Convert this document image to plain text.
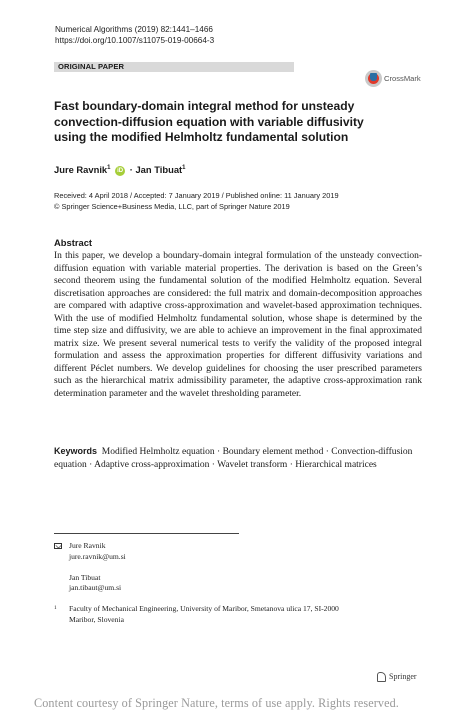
Numerical Algorithms (2019) 82:1441–1466
https://doi.org/10.1007/s11075-019-00664-3
ORIGINAL PAPER
CrossMark
Fast boundary-domain integral method for unsteady
convection-diffusion equation with variable diffusivity
using the modified Helmholtz fundamental solution
Jure Ravnik$^1$ iD · Jan Tibuat$^1$
Received: 4 April 2018 / Accepted: 7 January 2019 / Published online: 11 January 2019
© Springer Science+Business Media, LLC, part of Springer Nature 2019
Abstract
In this paper, we develop a boundary-domain integral formulation of the unsteady convection-diffusion equation with variable material properties. The derivation is based on the Green’s second theorem using the fundamental solution of the modified Helmholtz equation. Several discretisation approaches are considered: the full matrix and domain-decomposition approaches are compared with adaptive cross-approximation and wavelet-based approximation techniques. With the use of modified Helmholtz fundamental solution, whose shape is determined by the time step size and diffusivity, we are able to achieve an improvement in the final approximated matrix size. We present several numerical tests to verify the validity of the proposed integral formulation and assess the approximation properties for different diffusivity variations and different Péclet numbers. We develop guidelines for choosing the user prescribed parameters such as the hierarchical matrix admissibility parameter, the adaptive cross-approximation rank determination parameter and the wavelet thresholding parameter.
Keywords Modified Helmholtz equation · Boundary element method · Convection-diffusion equation · Adaptive cross-approximation · Wavelet transform · Hierarchical matrices
Jure Ravnik
jure.ravnik@um.si
Jan Tibuat
jan.tibaut@um.si
1 Faculty of Mechanical Engineering, University of Maribor, Smetanova ulica 17, SI-2000
Maribor, Slovenia
Springer
Content courtesy of Springer Nature, terms of use apply. Rights reserved.
